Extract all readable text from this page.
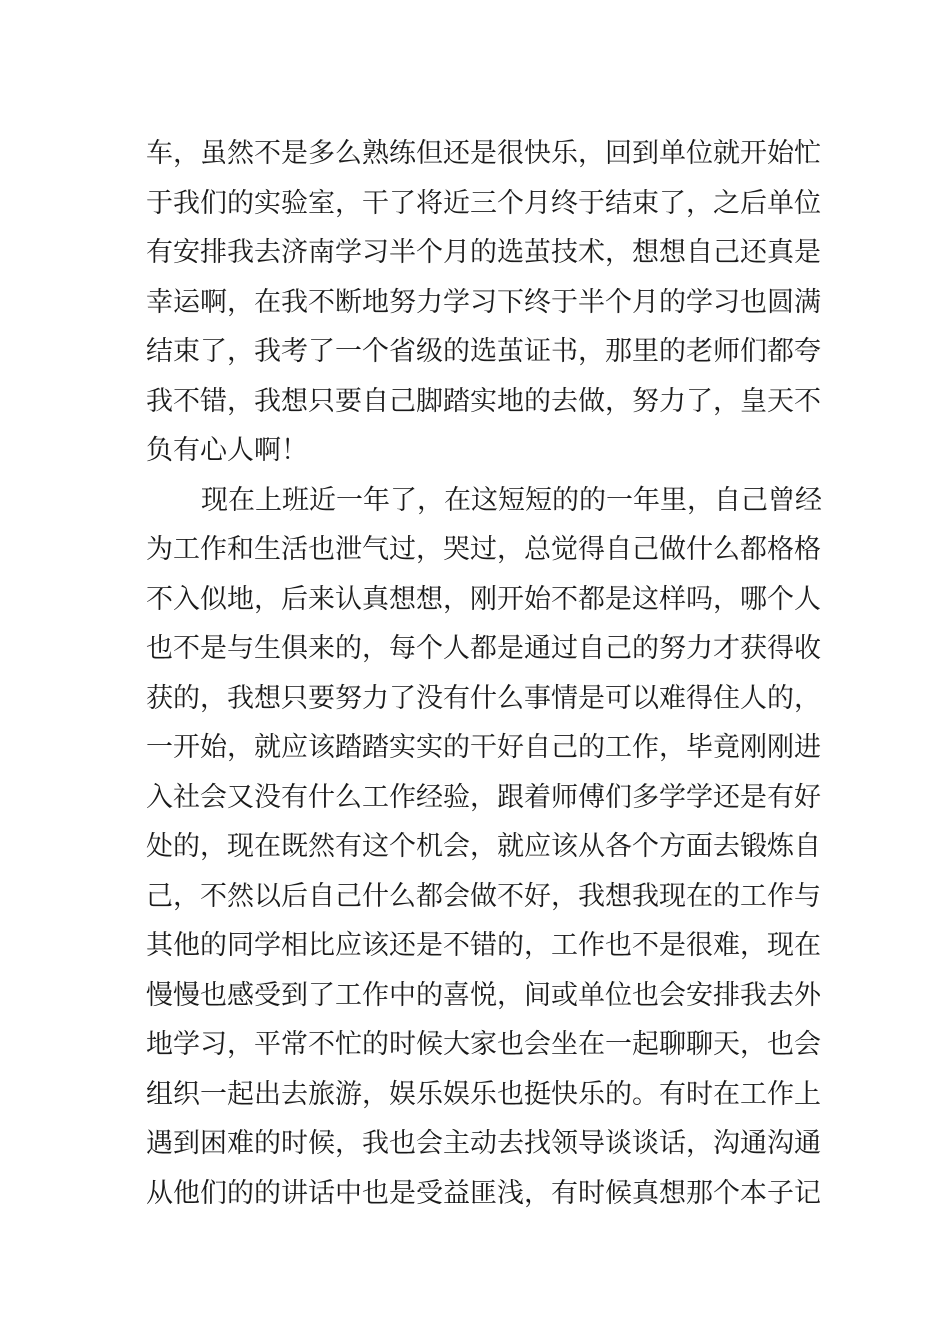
车，虽然不是多么熟练但还是很快乐，回到单位就开始忙
于我们的实验室，干了将近三个月终于结束了，之后单位
有安排我去济南学习半个月的选茧技术，想想自己还真是
幸运啊，在我不断地努力学习下终于半个月的学习也圆满
结束了，我考了一个省级的选茧证书，那里的老师们都夸
我不错，我想只要自己脚踏实地的去做，努力了，皇天不
负有心人啊！
现在上班近一年了，在这短短的的一年里，自己曾经
为工作和生活也泄气过，哭过，总觉得自己做什么都格格
不入似地，后来认真想想，刚开始不都是这样吗，哪个人
也不是与生俱来的，每个人都是通过自己的努力才获得收
获的，我想只要努力了没有什么事情是可以难得住人的，
一开始，就应该踏踏实实的干好自己的工作，毕竟刚刚进
入社会又没有什么工作经验，跟着师傅们多学学还是有好
处的，现在既然有这个机会，就应该从各个方面去锻炼自
己，不然以后自己什么都会做不好，我想我现在的工作与
其他的同学相比应该还是不错的，工作也不是很难，现在
慢慢也感受到了工作中的喜悦，间或单位也会安排我去外
地学习，平常不忙的时候大家也会坐在一起聊聊天，也会
组织一起出去旅游，娱乐娱乐也挺快乐的。有时在工作上
遇到困难的时候，我也会主动去找领导谈谈话，沟通沟通
从他们的的讲话中也是受益匪浅，有时候真想那个本子记
